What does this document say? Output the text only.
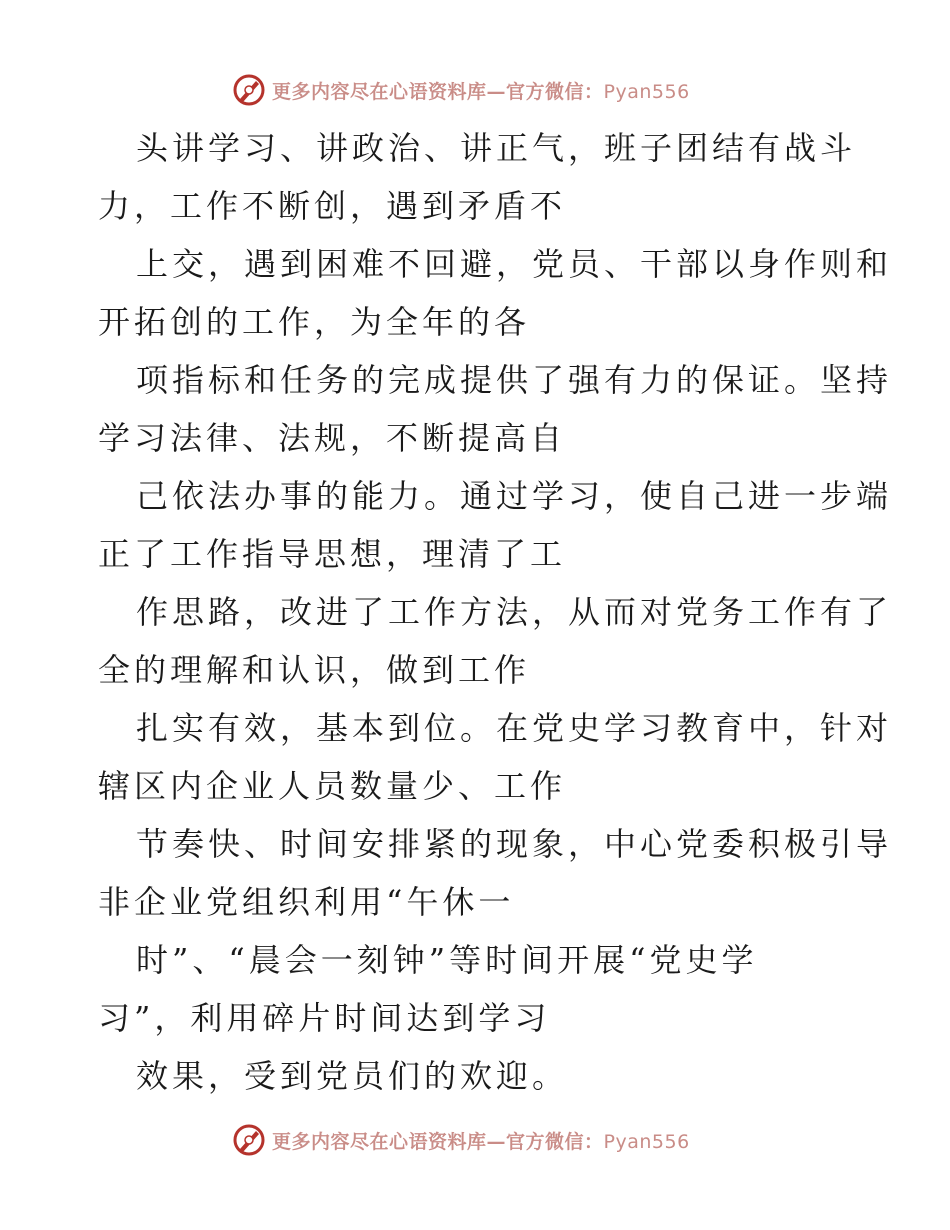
更多内容尽在心语资料库—官方微信：Pyan556
头讲学习、讲政治、讲正气，班子团结有战斗
力，工作不断创，遇到矛盾不
上交，遇到困难不回避，党员、干部以身作则和
开拓创的工作，为全年的各
项指标和任务的完成提供了强有力的保证。坚持
学习法律、法规，不断提高自
己依法办事的能力。通过学习，使自己进一步端
正了工作指导思想，理清了工
作思路，改进了工作方法，从而对党务工作有了
全的理解和认识，做到工作
扎实有效，基本到位。在党史学习教育中，针对
辖区内企业人员数量少、工作
节奏快、时间安排紧的现象，中心党委积极引导
非企业党组织利用“午休一
时”、“晨会一刻钟”等时间开展“党史学
习”，利用碎片时间达到学习
效果，受到党员们的欢迎。
更多内容尽在心语资料库—官方微信：Pyan556
